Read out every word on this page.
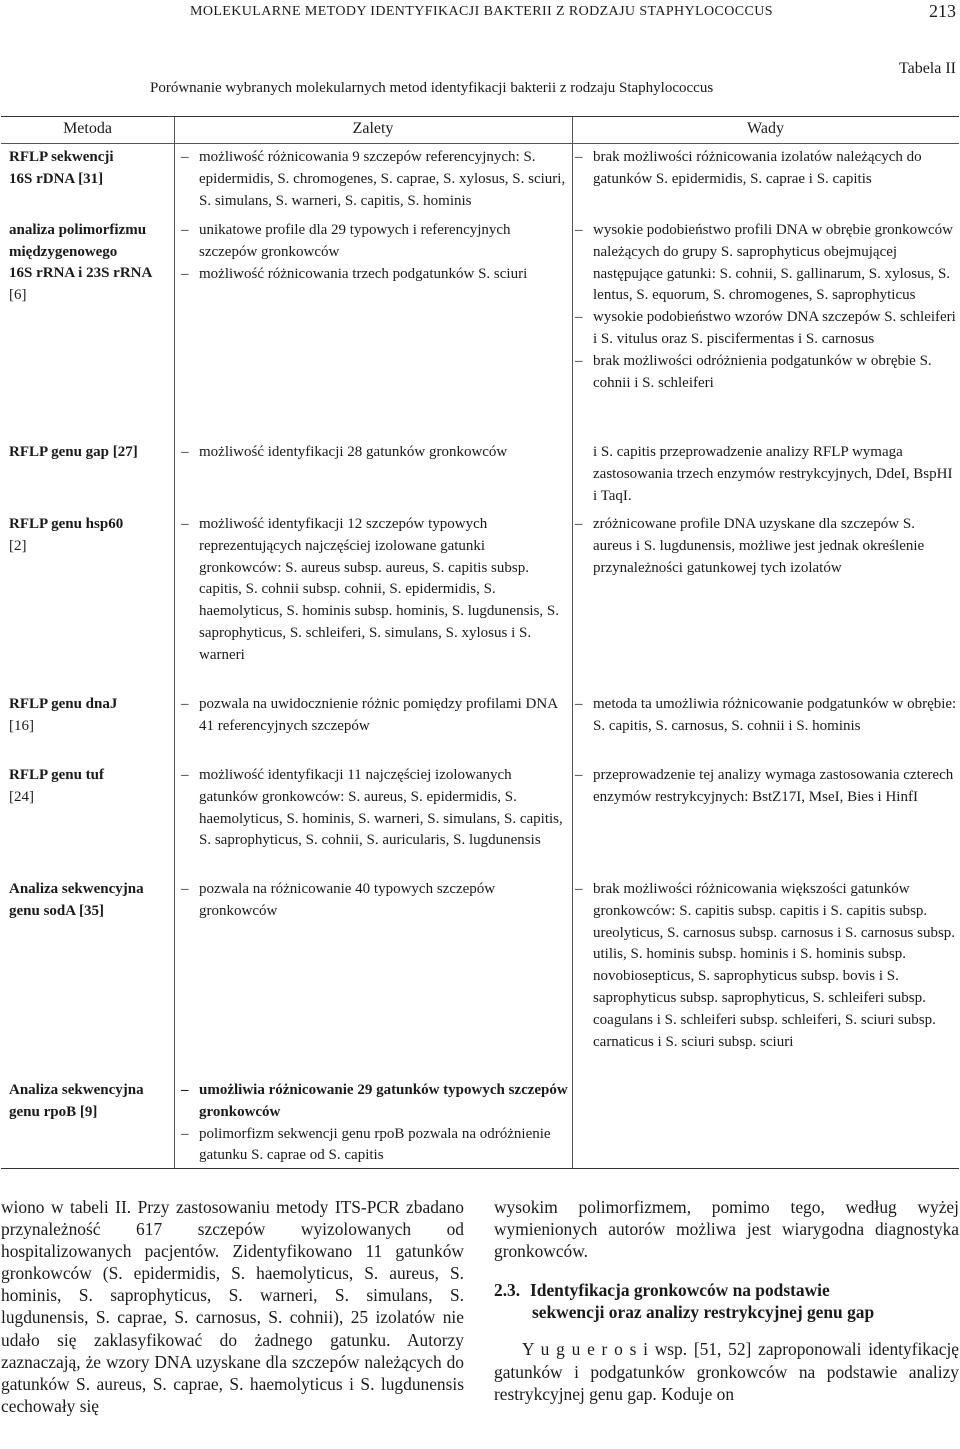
MOLEKULARNE METODY IDENTYFIKACJI BAKTERII Z RODZAJU STAPHYLOCOCCUS	213
Tabela II
Porównanie wybranych molekularnych metod identyfikacji bakterii z rodzaju Staphylococcus
Metoda	Zalety	Wady
RFLP sekwencji
16S rDNA [31]
– możliwość różnicowania 9 szczepów referencyjnych: S. epidermidis, S. chromogenes, S. caprae, S. xylosus, S. sciuri, S. simulans, S. warneri, S. capitis, S. hominis
– brak możliwości różnicowania izolatów należących do gatunków S. epidermidis, S. caprae i S. capitis
analiza polimorfizmu
międzygenowego
16S rRNA i 23S rRNA
[6]
– unikatowe profile dla 29 typowych i referencyjnych szczepów gronkowców
– możliwość różnicowania trzech podgatunków S. sciuri
– wysokie podobieństwo profili DNA w obrębie gronkowców należących do grupy S. saprophyticus obejmującej następujące gatunki: S. cohnii, S. gallinarum, S. xylosus, S. lentus, S. equorum, S. chromogenes, S. saprophyticus
– wysokie podobieństwo wzorów DNA szczepów S. schleiferi i S. vitulus oraz S. piscifermentas i S. carnosus
– brak możliwości odróżnienia podgatunków w obrębie S. cohnii i S. schleiferi
RFLP genu gap [27]
–	możliwość identyfikacji 28 gatunków gronkowców	i S. capitis przeprowadzenie analizy RFLP wymaga zastosowania trzech enzymów restrykcyjnych, DdeI, BspHI i TaqI.
RFLP genu hsp60
[2]
– możliwość identyfikacji 12 szczepów typowych reprezentujących najczęściej izolowane gatunki gronkowców: S. aureus subsp. aureus, S. capitis subsp. capitis, S. cohnii subsp. cohnii, S. epidermidis, S. haemolyticus, S. hominis subsp. hominis, S. lugdunensis, S. saprophyticus, S. schleiferi, S. simulans, S. xylosus i S. warneri
– zróżnicowane profile DNA uzyskane dla szczepów S. aureus i S. lugdunensis, możliwe jest jednak określenie przynależności gatunkowej tych izolatów
RFLP genu dnaJ
[16]
– pozwala na uwidocznienie różnic pomiędzy profilami DNA 41 referencyjnych szczepów
– metoda ta umożliwia różnicowanie podgatunków w obrębie: S. capitis, S. carnosus, S. cohnii i S. hominis
RFLP genu tuf
[24]
– możliwość identyfikacji 11 najczęściej izolowanych gatunków gronkowców: S. aureus, S. epidermidis, S. haemolyticus, S. hominis, S. warneri, S. simulans, S. capitis, S. saprophyticus, S. cohnii, S. auricularis, S. lugdunensis
– przeprowadzenie tej analizy wymaga zastosowania czterech enzymów restrykcyjnych: BstZ17I, MseI, Bies i HinfI
Analiza sekwencyjna
genu sodA [35]
– pozwala na różnicowanie 40 typowych szczepów gronkowców
– brak możliwości różnicowania większości gatunków gronkowców: S. capitis subsp. capitis i S. capitis subsp. ureolyticus, S. carnosus subsp. carnosus i S. carnosus subsp. utilis, S. hominis subsp. hominis i S. hominis subsp. novobiosepticus, S. saprophyticus subsp. bovis i S. saprophyticus subsp. saprophyticus, S. schleiferi subsp. coagulans i S. schleiferi subsp. schleiferi, S. sciuri subsp. carnaticus i S. sciuri subsp. sciuri
Analiza sekwencyjna
genu rpoB [9]
– umożliwia różnicowanie 29 gatunków typowych szczepów gronkowców
– polimorfizm sekwencji genu rpoB pozwala na odróżnienie gatunku S. caprae od S. capitis

wiono w tabeli II. Przy zastosowaniu metody ITS-PCR zbadano przynależność 617 szczepów wyizolowanych od hospitalizowanych pacjentów. Zidentyfikowano 11 gatunków gronkowców (S. epidermidis, S. haemolyticus, S. aureus, S. hominis, S. saprophyticus, S. warneri, S. simulans, S. lugdunensis, S. caprae, S. carnosus, S. cohnii), 25 izolatów nie udało się zaklasyfikować do żadnego gatunku. Autorzy zaznaczają, że wzory DNA uzyskane dla szczepów należących do gatunków S. aureus, S. caprae, S. haemolyticus i S. lugdunensis cechowały się

wysokim polimorfizmem, pomimo tego, według wyżej wymienionych autorów możliwa jest wiarygodna diagnostyka gronkowców.

2.3. Identyfikacja gronkowców na podstawie
sekwencji oraz analizy restrykcyjnej genu gap

Y u g u e r o s i wsp. [51, 52] zaproponowali identyfikację gatunków i podgatunków gronkowców na podstawie analizy restrykcyjnej genu gap. Koduje on
